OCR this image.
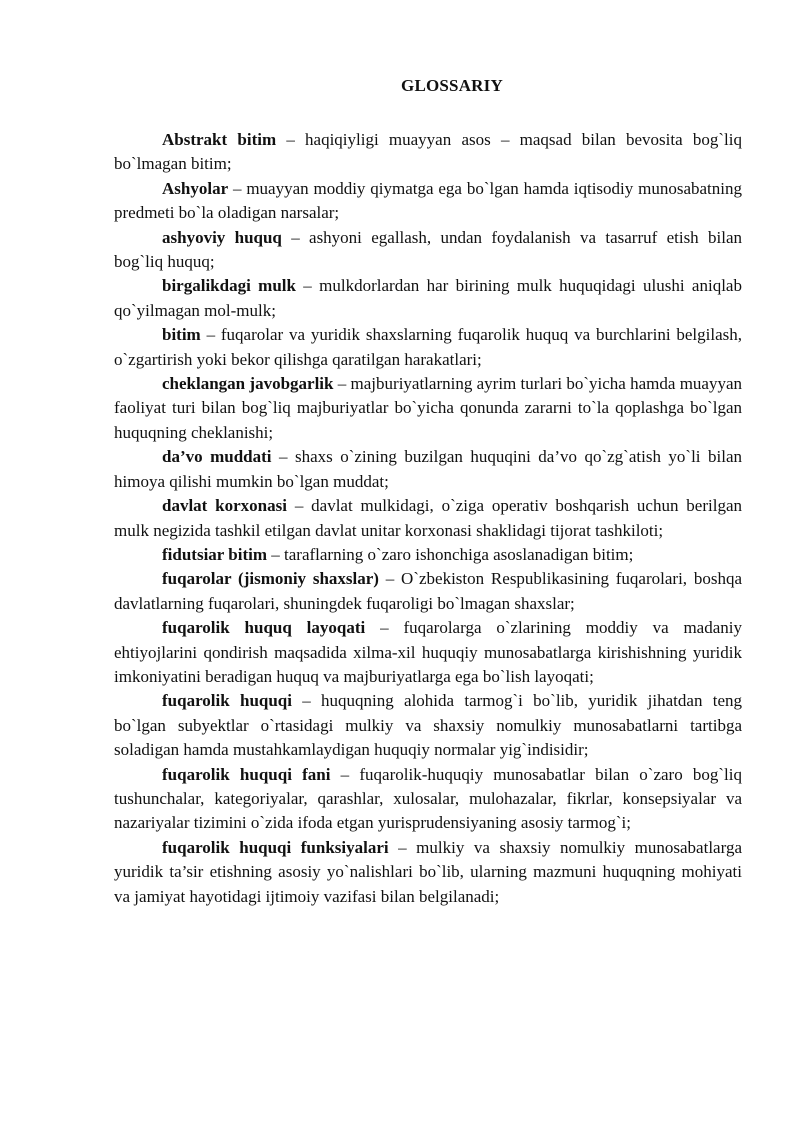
GLOSSARIY

Abstrakt bitim – haqiqiyligi muayyan asos – maqsad bilan bevosita bog`liq bo`lmagan bitim;

Ashyolar – muayyan moddiy qiymatga ega bo`lgan hamda iqtisodiy munosabatning predmeti bo`la oladigan narsalar;

ashyoviy huquq – ashyoni egallash, undan foydalanish va tasarruf etish bilan bog`liq huquq;

birgalikdagi mulk – mulkdorlardan har birining mulk huquqidagi ulushi aniqlab qo`yilmagan mol-mulk;

bitim – fuqarolar va yuridik shaxslarning fuqarolik huquq va burchlarini belgilash, o`zgartirish yoki bekor qilishga qaratilgan harakatlari;

cheklangan javobgarlik – majburiyatlarning ayrim turlari bo`yicha hamda muayyan faoliyat turi bilan bog`liq majburiyatlar bo`yicha qonunda zararni to`la qoplashga bo`lgan huquqning cheklanishi;

da’vo muddati – shaxs o`zining buzilgan huquqini da’vo qo`zg`atish yo`li bilan himoya qilishi mumkin bo`lgan muddat;

davlat korxonasi – davlat mulkidagi, o`ziga operativ boshqarish uchun berilgan mulk negizida tashkil etilgan davlat unitar korxonasi shaklidagi tijorat tashkiloti;

fidutsiar bitim – taraflarning o`zaro ishonchiga asoslanadigan bitim;

fuqarolar (jismoniy shaxslar) – O`zbekiston Respublikasining fuqarolari, boshqa davlatlarning fuqarolari, shuningdek fuqaroligi bo`lmagan shaxslar;

fuqarolik huquq layoqati – fuqarolarga o`zlarining moddiy va madaniy ehtiyojlarini qondirish maqsadida xilma-xil huquqiy munosabatlarga kirishishning yuridik imkoniyatini beradigan huquq va majburiyatlarga ega bo`lish layoqati;

fuqarolik huquqi – huquqning alohida tarmog`i bo`lib, yuridik jihatdan teng bo`lgan subyektlar o`rtasidagi mulkiy va shaxsiy nomulkiy munosabatlarni tartibga soladigan hamda mustahkamlaydigan huquqiy normalar yig`indisidir;

fuqarolik huquqi fani – fuqarolik-huquqiy munosabatlar bilan o`zaro bog`liq tushunchalar, kategoriyalar, qarashlar, xulosalar, mulohazalar, fikrlar, konsepsiyalar va nazariyalar tizimini o`zida ifoda etgan yurisprudensiyaning asosiy tarmog`i;

fuqarolik huquqi funksiyalari – mulkiy va shaxsiy nomulkiy munosabatlarga yuridik ta’sir etishning asosiy yo`nalishlari bo`lib, ularning mazmuni huquqning mohiyati va jamiyat hayotidagi ijtimoiy vazifasi bilan belgilanadi;
